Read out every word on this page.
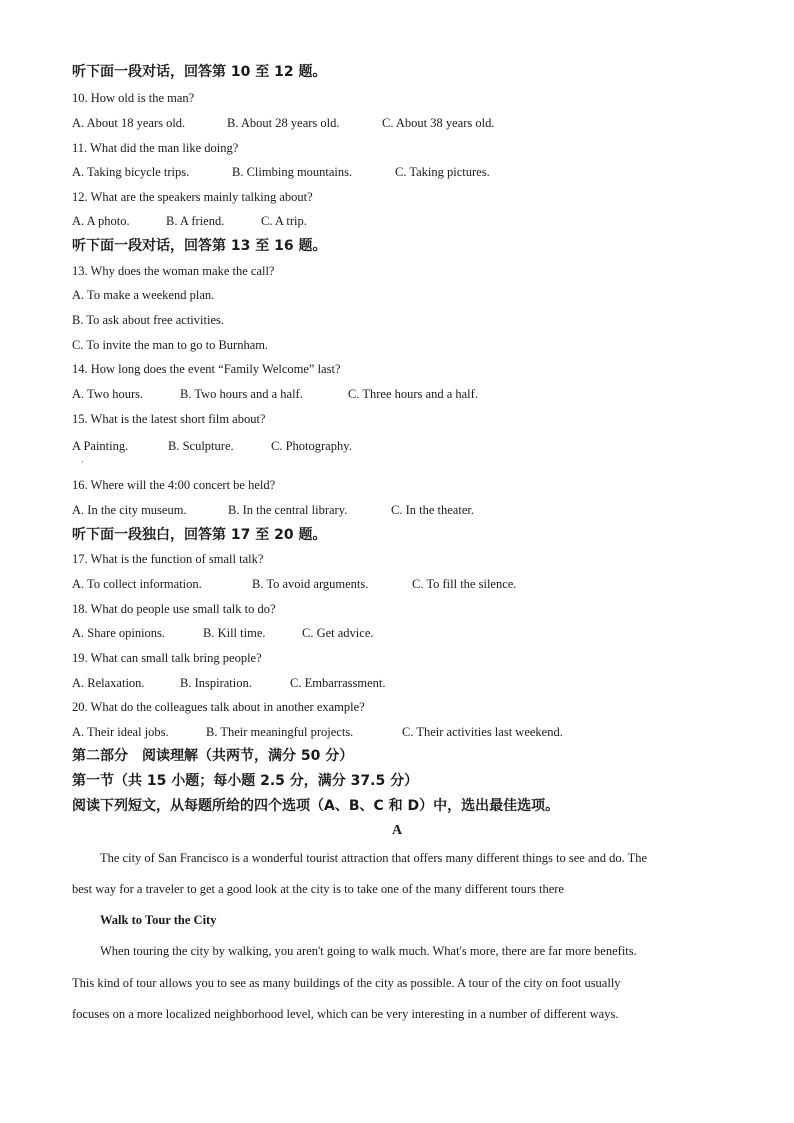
听下面一段对话，回答第 10 至 12 题。
10. How old is the man?
A. About 18 years old.	B. About 28 years old.	C. About 38 years old.
11. What did the man like doing?
A. Taking bicycle trips.	B. Climbing mountains.	C. Taking pictures.
12. What are the speakers mainly talking about?
A. A photo.	B. A friend.	C. A trip.
听下面一段对话，回答第 13 至 16 题。
13. Why does the woman make the call?
A. To make a weekend plan.
B. To ask about free activities.
C. To invite the man to go to Burnham.
14. How long does the event “Family Welcome” last?
A. Two hours.	B. Two hours and a half.	C. Three hours and a half.
15. What is the latest short film about?
A Painting.	B. Sculpture.	C. Photography.
·
16. Where will the 4:00 concert be held?
A. In the city museum.	B. In the central library.	C. In the theater.
听下面一段独白，回答第 17 至 20 题。
17. What is the function of small talk?
A. To collect information.	B. To avoid arguments.	C. To fill the silence.
18. What do people use small talk to do?
A. Share opinions.	B. Kill time.	C. Get advice.
19. What can small talk bring people?
A. Relaxation.	B. Inspiration.	C. Embarrassment.
20. What do the colleagues talk about in another example?
A. Their ideal jobs.	B. Their meaningful projects.	C. Their activities last weekend.
第二部分　阅读理解（共两节，满分 50 分）
第一节（共 15 小题；每小题 2.5 分，满分 37.5 分）
阅读下列短文，从每题所给的四个选项（A、B、C 和 D）中，选出最佳选项。
A
The city of San Francisco is a wonderful tourist attraction that offers many different things to see and do. The
best way for a traveler to get a good look at the city is to take one of the many different tours there
Walk to Tour the City
When touring the city by walking, you aren't going to walk much. What's more, there are far more benefits.
This kind of tour allows you to see as many buildings of the city as possible. A tour of the city on foot usually
focuses on a more localized neighborhood level, which can be very interesting in a number of different ways.
